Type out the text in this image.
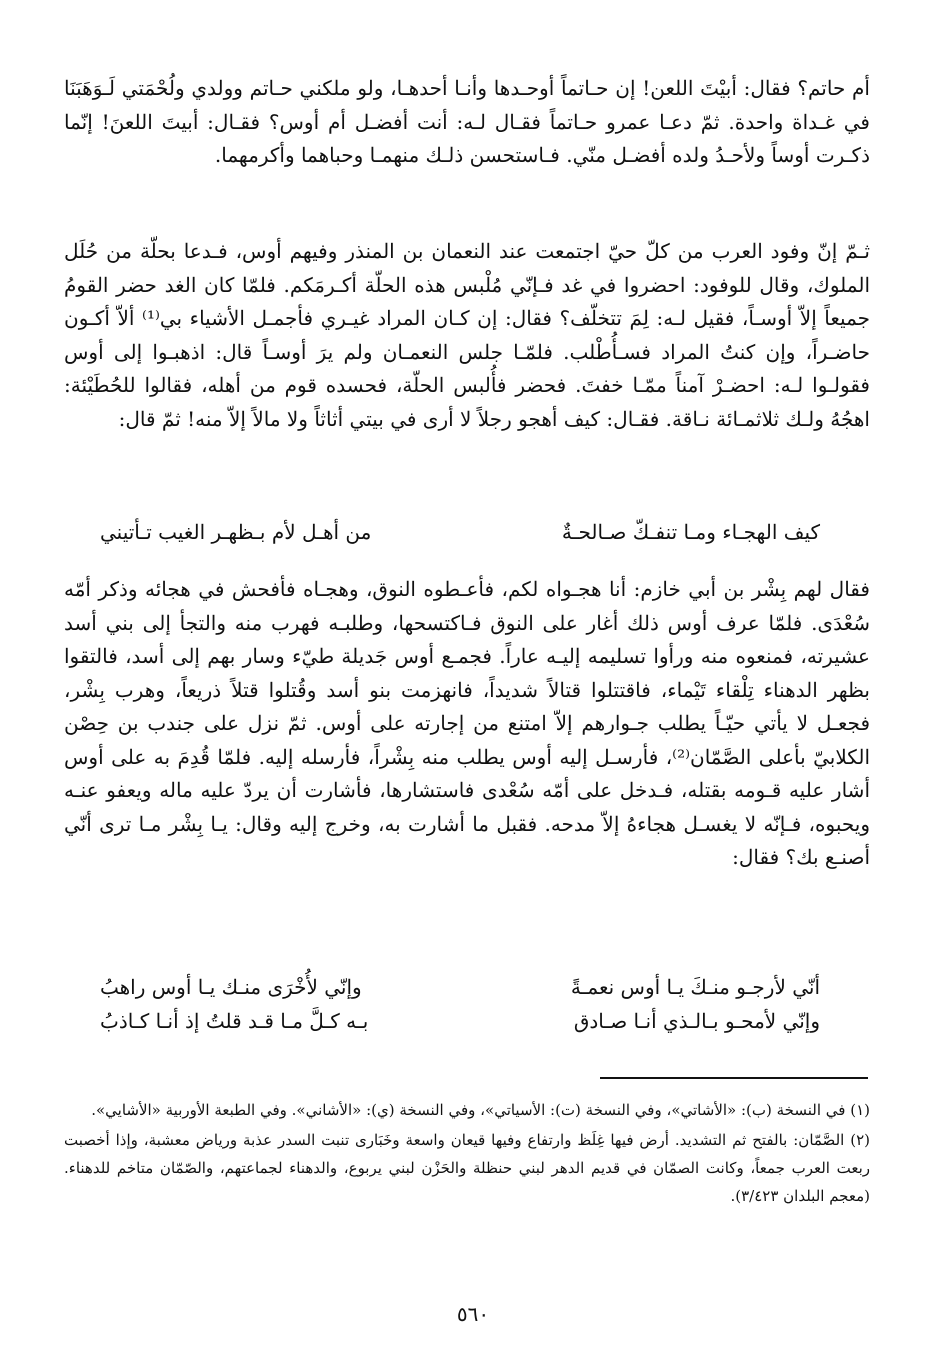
أم حاتم؟ فقال: أبيْتَ اللعن! إن حـاتماً أوحـدها وأنـا أحدهـا، ولو ملكني حـاتم وولدي ولُحْمَتي لَـوَهَبَنَا في غـداة واحدة. ثمّ دعـا عمرو حـاتماً فقـال لـه: أنت أفضـل أم أوس؟ فقـال: أبيتَ اللعنَ! إنّما ذكـرت أوساً ولأحـدُ ولده أفضـل منّي. فـاستحسن ذلـك منهمـا وحباهما وأكرمهما.

ثـمّ إنّ وفود العرب من كلّ حيّ اجتمعت عند النعمان بن المنذر وفيهم أوس، فـدعا بحلّة من حُلَل الملوك، وقال للوفود: احضروا في غد فـإنّي مُلْبس هذه الحلّة أكـرمَكم. فلمّا كان الغد حضر القومُ جميعاً إلاّ أوسـاً، فقيل لـه: لِمَ تتخلّف؟ فقال: إن كـان المراد غيـري فأجمـل الأشياء بي⁽¹⁾ ألاّ أكـون حاضـراً، وإن كنتُ المراد فسـأُطْلب. فلمّـا جلس النعمـان ولم يرَ أوسـاً قال: اذهبـوا إلى أوس فقولـوا لـه: احضـرْ آمناً ممّـا خفتَ. فحضر فأُلبس الحلّة، فحسده قوم من أهله، فقالوا للحُطَيْئة: اهجُهُ ولـك ثلاثمـائة نـاقة. فقـال: كيف أهجو رجلاً لا أرى في بيتي أثاثاً ولا مالاً إلاّ منه! ثمّ قال:

كيف الهجـاء ومـا تنفـكّ صـالحـةٌ
من أهـل لأم بـظهـر الغيب تـأتيني

فقال لهم بِشْر بن أبي خازم: أنا هجـواه لكم، فأعـطوه النوق، وهجـاه فأفحش في هجائه وذكر أمّه سُعْدَى. فلمّا عرف أوس ذلك أغار على النوق فـاكتسحها، وطلبـه فهرب منه والتجأ إلى بني أسد عشيرته، فمنعوه منه ورأوا تسليمه إليـه عاراً. فجمـع أوس جَديلة طيّء وسار بهم إلى أسد، فالتقوا بظهر الدهناء تِلْقاء تَيْماء، فاقتتلوا قتالاً شديداً، فانهزمت بنو أسد وقُتلوا قتلاً ذريعاً، وهرب بِشْر، فجعـل لا يأتي حيّـاً يطلب جـوارهم إلاّ امتنع من إجارته على أوس. ثمّ نزل على جندب بن حِصْن الكلابيّ بأعلى الصَّمّان⁽²⁾، فأرسـل إليه أوس يطلب منه بِشْراً، فأرسله إليه. فلمّا قُدِمَ به على أوس أشار عليه قـومه بقتله، فـدخل على أمّه سُعْدى فاستشارها، فأشارت أن يردّ عليه ماله ويعفو عنـه ويحبوه، فـإنّه لا يغسـل هجاءهُ إلاّ مدحه. فقبل ما أشارت به، وخرج إليه وقال: يـا بِشْر مـا ترى أنّي أصنـع بك؟ فقال:

أنّي لأرجـو منـكَ يـا أوس نعمـةً
وإنّي لأُخْرَى منـك يـا أوس راهبُ
وإنّي لأمحـو بـالـذي أنـا صـادق
بـه كـلَّ مـا قـد قلتُ إذ أنـا كـاذبُ

(١) في النسخة (ب): «الأشاتي»، وفي النسخة (ت): الأسياتي»، وفي النسخة (ي): «الأشاني». وفي الطبعة الأوربية «الأشايي».

(٢) الصَّمّان: بالفتح ثم التشديد. أرض فيها غِلَظ وارتفاع وفيها قيعان واسعة وخَبَارى تنبت السدر عذبة ورياض معشبة، وإذا أخصبت ربعت العرب جمعاً، وكانت الصمّان في قديم الدهر لبني حنظلة والحَزْن لبني يربوع، والدهناء لجماعتهم، والصّمّان متاخم للدهناء. (معجم البلدان ٣/٤٢٣).

٥٦٠
